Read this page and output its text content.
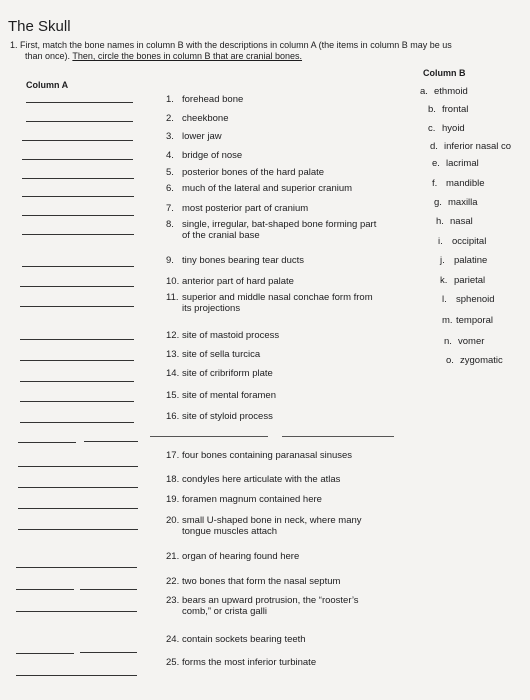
The Skull
1. First, match the bone names in column B with the descriptions in column A (the items in column B may be us
than once). Then, circle the bones in column B that are cranial bones.
Column A
Column B
1. forehead bone
2. cheekbone
3. lower jaw
4. bridge of nose
5. posterior bones of the hard palate
6. much of the lateral and superior cranium
7. most posterior part of cranium
8. single, irregular, bat-shaped bone forming part
of the cranial base
9. tiny bones bearing tear ducts
10. anterior part of hard palate
11. superior and middle nasal conchae form from
its projections
12. site of mastoid process
13. site of sella turcica
14. site of cribriform plate
15. site of mental foramen
16. site of styloid process
17. four bones containing paranasal sinuses
18. condyles here articulate with the atlas
19. foramen magnum contained here
20. small U-shaped bone in neck, where many
tongue muscles attach
21. organ of hearing found here
22. two bones that form the nasal septum
23. bears an upward protrusion, the “rooster’s
comb,” or crista galli
24. contain sockets bearing teeth
25. forms the most inferior turbinate
a. ethmoid
b. frontal
c. hyoid
d. inferior nasal co
e. lacrimal
f. mandible
g. maxilla
h. nasal
i. occipital
j. palatine
k. parietal
l. sphenoid
m. temporal
n. vomer
o. zygomatic
